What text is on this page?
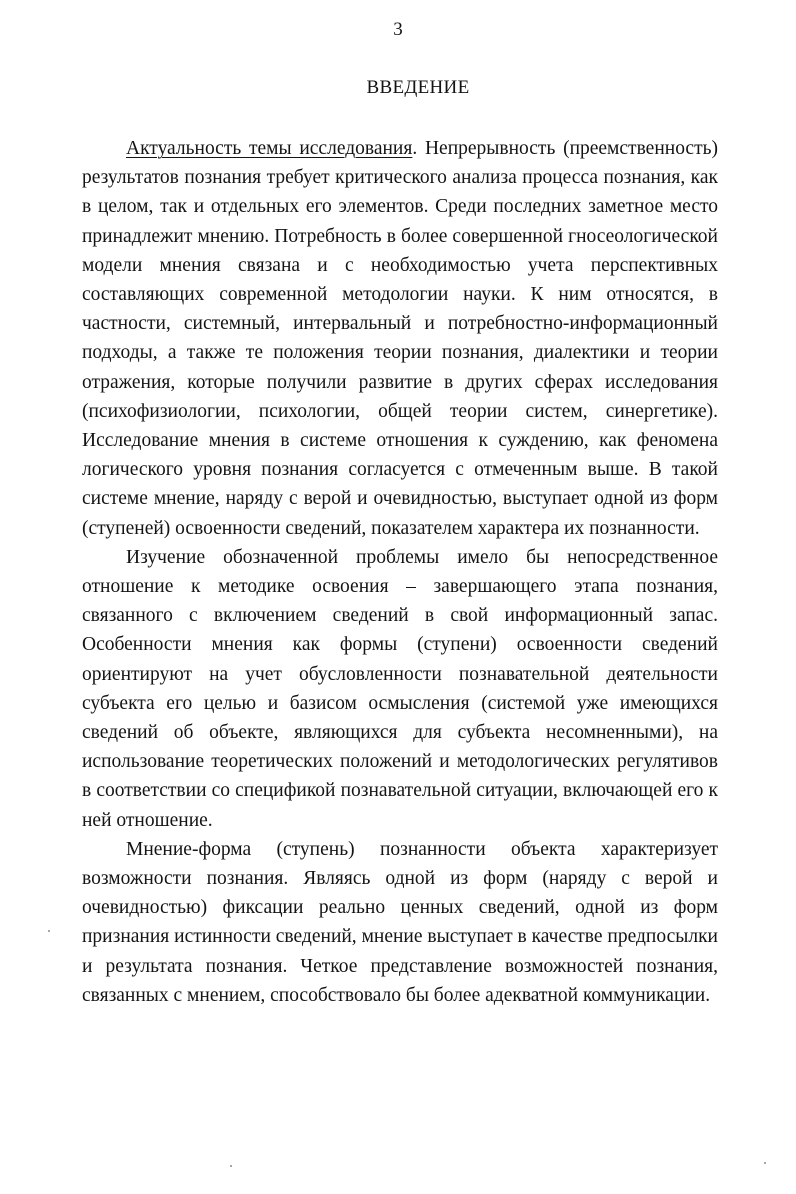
3
ВВЕДЕНИЕ

Актуальность темы исследования. Непрерывность (преемственность) результатов познания требует критического анализа процесса познания, как в целом, так и отдельных его элементов. Среди последних заметное место принадлежит мнению. Потребность в более совершенной гносеологической модели мнения связана и с необходимостью учета перспективных составляющих современной методологии науки. К ним относятся, в частности, системный, интервальный и потребностно-информационный подходы, а также те положения теории познания, диалектики и теории отражения, которые получили развитие в других сферах исследования (психофизиологии, психологии, общей теории систем, синергетике). Исследование мнения в системе отношения к суждению, как феномена логического уровня познания согласуется с отмеченным выше. В такой системе мнение, наряду с верой и очевидностью, выступает одной из форм (ступеней) освоенности сведений, показателем характера их познанности.

Изучение обозначенной проблемы имело бы непосредственное отношение к методике освоения – завершающего этапа познания, связанного с включением сведений в свой информационный запас. Особенности мнения как формы (ступени) освоенности сведений ориентируют на учет обусловленности познавательной деятельности субъекта его целью и базисом осмысления (системой уже имеющихся сведений об объекте, являющихся для субъекта несомненными), на использование теоретических положений и методологических регулятивов в соответствии со спецификой познавательной ситуации, включающей его к ней отношение.

Мнение-форма (ступень) познанности объекта характеризует возможности познания. Являясь одной из форм (наряду с верой и очевидностью) фиксации реально ценных сведений, одной из форм признания истинности сведений, мнение выступает в качестве предпосылки и результата познания. Четкое представление возможностей познания, связанных с мнением, способствовало бы более адекватной коммуникации.
